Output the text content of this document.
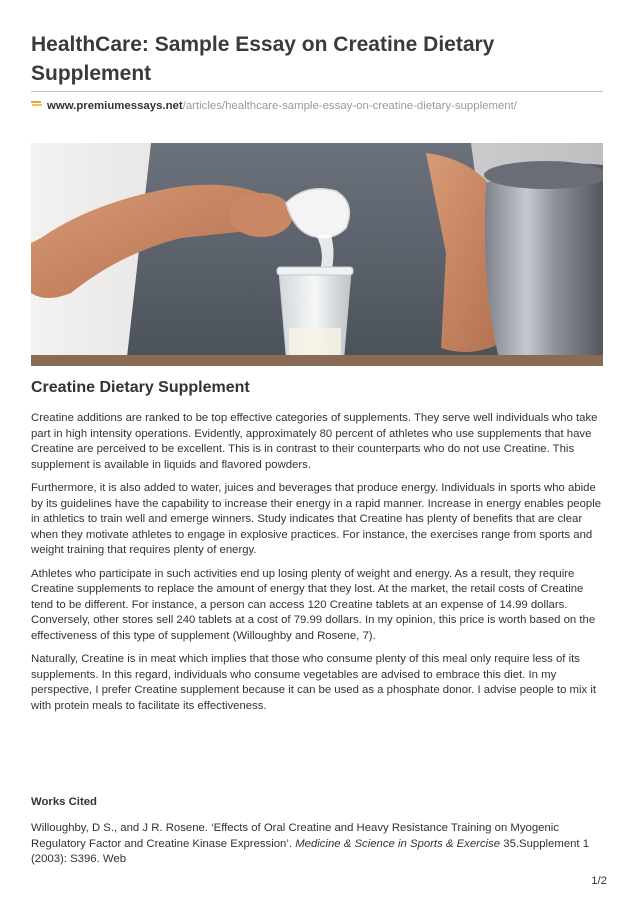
HealthCare: Sample Essay on Creatine Dietary Supplement
www.premiumessays.net/articles/healthcare-sample-essay-on-creatine-dietary-supplement/
Creatine Dietary Supplement

Creatine additions are ranked to be top effective categories of supplements. They serve well individuals who take part in high intensity operations. Evidently, approximately 80 percent of athletes who use supplements that have Creatine are perceived to be excellent. This is in contrast to their counterparts who do not use Creatine. This supplement is available in liquids and flavored powders.

Furthermore, it is also added to water, juices and beverages that produce energy. Individuals in sports who abide by its guidelines have the capability to increase their energy in a rapid manner. Increase in energy enables people in athletics to train well and emerge winners. Study indicates that Creatine has plenty of benefits that are clear when they motivate athletes to engage in explosive practices. For instance, the exercises range from sports and weight training that requires plenty of energy.

Athletes who participate in such activities end up losing plenty of weight and energy. As a result, they require Creatine supplements to replace the amount of energy that they lost. At the market, the retail costs of Creatine tend to be different. For instance, a person can access 120 Creatine tablets at an expense of 14.99 dollars. Conversely, other stores sell 240 tablets at a cost of 79.99 dollars. In my opinion, this price is worth based on the effectiveness of this type of supplement (Willoughby and Rosene, 7).

Naturally, Creatine is in meat which implies that those who consume plenty of this meal only require less of its supplements. In this regard, individuals who consume vegetables are advised to embrace this diet. In my perspective, I prefer Creatine supplement because it can be used as a phosphate donor. I advise people to mix it with protein meals to facilitate its effectiveness.

Works Cited

Willoughby, D S., and J R. Rosene. ‘Effects of Oral Creatine and Heavy Resistance Training on Myogenic Regulatory Factor and Creatine Kinase Expression’. Medicine & Science in Sports & Exercise 35.Supplement 1 (2003): S396. Web

1/2
